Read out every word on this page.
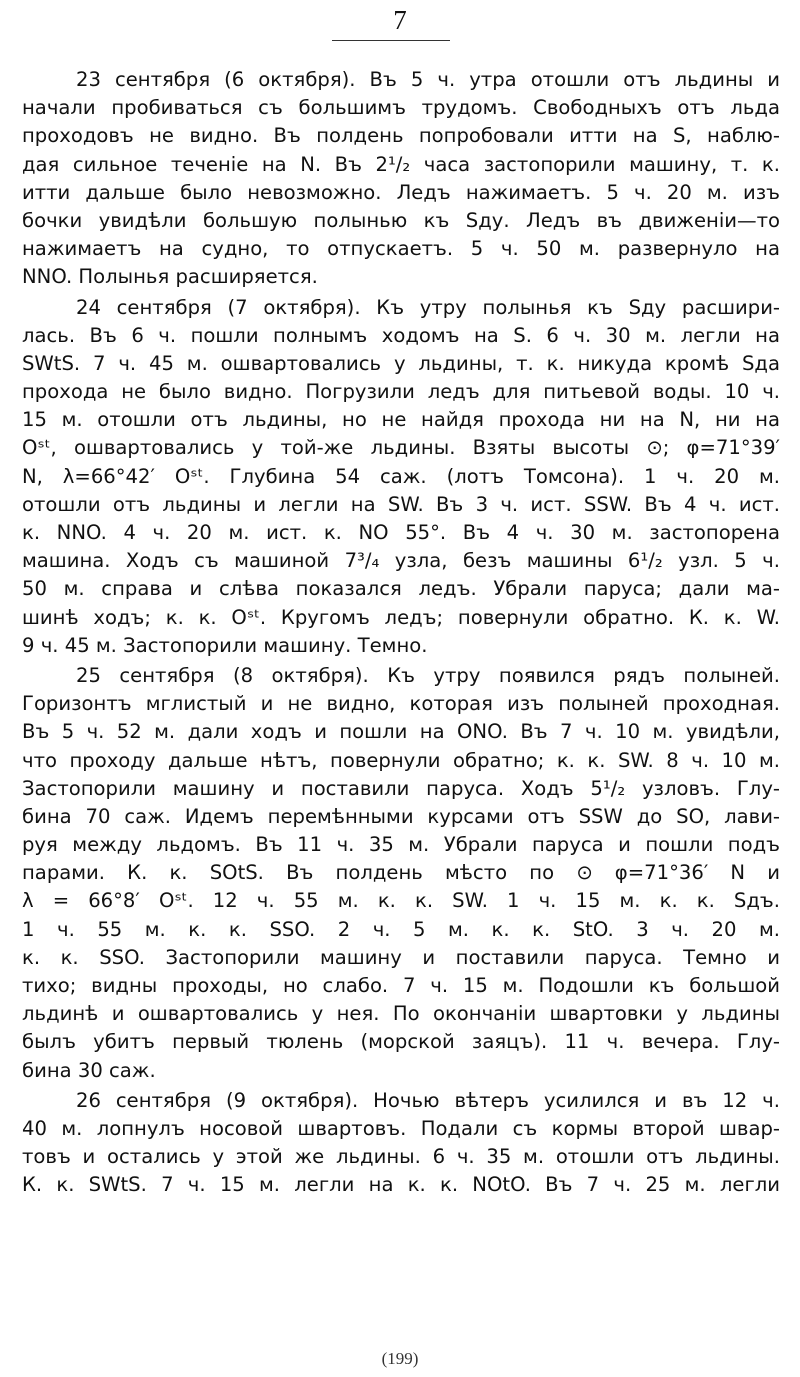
7
23 сентября (6 октября). Въ 5 ч. утра отошли отъ льдины и
начали пробиваться съ большимъ трудомъ. Свободныхъ отъ льда
проходовъ не видно. Въ полдень попробовали итти на S, наблю-
дая сильное теченіе на N. Въ 2¹/₂ часа застопорили машину, т. к.
итти дальше было невозможно. Ледъ нажимаетъ. 5 ч. 20 м. изъ
бочки увидѣли большую полынью къ Sду. Ледъ въ движеніи—то
нажимаетъ на судно, то отпускаетъ. 5 ч. 50 м. развернуло на
NNO. Полынья расширяется.
24 сентября (7 октября). Къ утру полынья къ Sду расшири-
лась. Въ 6 ч. пошли полнымъ ходомъ на S. 6 ч. 30 м. легли на
SWtS. 7 ч. 45 м. ошвартовались у льдины, т. к. никуда кромѣ Sда
прохода не было видно. Погрузили ледъ для питьевой воды. 10 ч.
15 м. отошли отъ льдины, но не найдя прохода ни на N, ни на
Oˢᵗ, ошвартовались у той-же льдины. Взяты высоты ⊙; φ=71°39′
N, λ=66°42′ Oˢᵗ. Глубина 54 саж. (лотъ Томсона). 1 ч. 20 м.
отошли отъ льдины и легли на SW. Въ 3 ч. ист. SSW. Въ 4 ч. ист.
к. NNO. 4 ч. 20 м. ист. к. NO 55°. Въ 4 ч. 30 м. застопорена
машина. Ходъ съ машиной 7³/₄ узла, безъ машины 6¹/₂ узл. 5 ч.
50 м. справа и слѣва показался ледъ. Убрали паруса; дали ма-
шинѣ ходъ; к. к. Oˢᵗ. Кругомъ ледъ; повернули обратно. К. к. W.
9 ч. 45 м. Застопорили машину. Темно.
25 сентября (8 октября). Къ утру появился рядъ полыней.
Горизонтъ мглистый и не видно, которая изъ полыней проходная.
Въ 5 ч. 52 м. дали ходъ и пошли на ONO. Въ 7 ч. 10 м. увидѣли,
что проходу дальше нѣтъ, повернули обратно; к. к. SW. 8 ч. 10 м.
Застопорили машину и поставили паруса. Ходъ 5¹/₂ узловъ. Глу-
бина 70 саж. Идемъ перемѣнными курсами отъ SSW до SO, лави-
руя между льдомъ. Въ 11 ч. 35 м. Убрали паруса и пошли подъ
парами. К. к. SOtS. Въ полдень мѣсто по ⊙ φ=71°36′ N и
λ = 66°8′ Oˢᵗ. 12 ч. 55 м. к. к. SW. 1 ч. 15 м. к. к. Sдъ.
1 ч. 55 м. к. к. SSO. 2 ч. 5 м. к. к. StO. 3 ч. 20 м.
к. к. SSO. Застопорили машину и поставили паруса. Темно и
тихо; видны проходы, но слабо. 7 ч. 15 м. Подошли къ большой
льдинѣ и ошвартовались у нея. По окончаніи швартовки у льдины
былъ убитъ первый тюлень (морской заяцъ). 11 ч. вечера. Глу-
бина 30 саж.
26 сентября (9 октября). Ночью вѣтеръ усилился и въ 12 ч.
40 м. лопнулъ носовой швартовъ. Подали съ кормы второй швар-
товъ и остались у этой же льдины. 6 ч. 35 м. отошли отъ льдины.
К. к. SWtS. 7 ч. 15 м. легли на к. к. NOtO. Въ 7 ч. 25 м. легли
(199)
